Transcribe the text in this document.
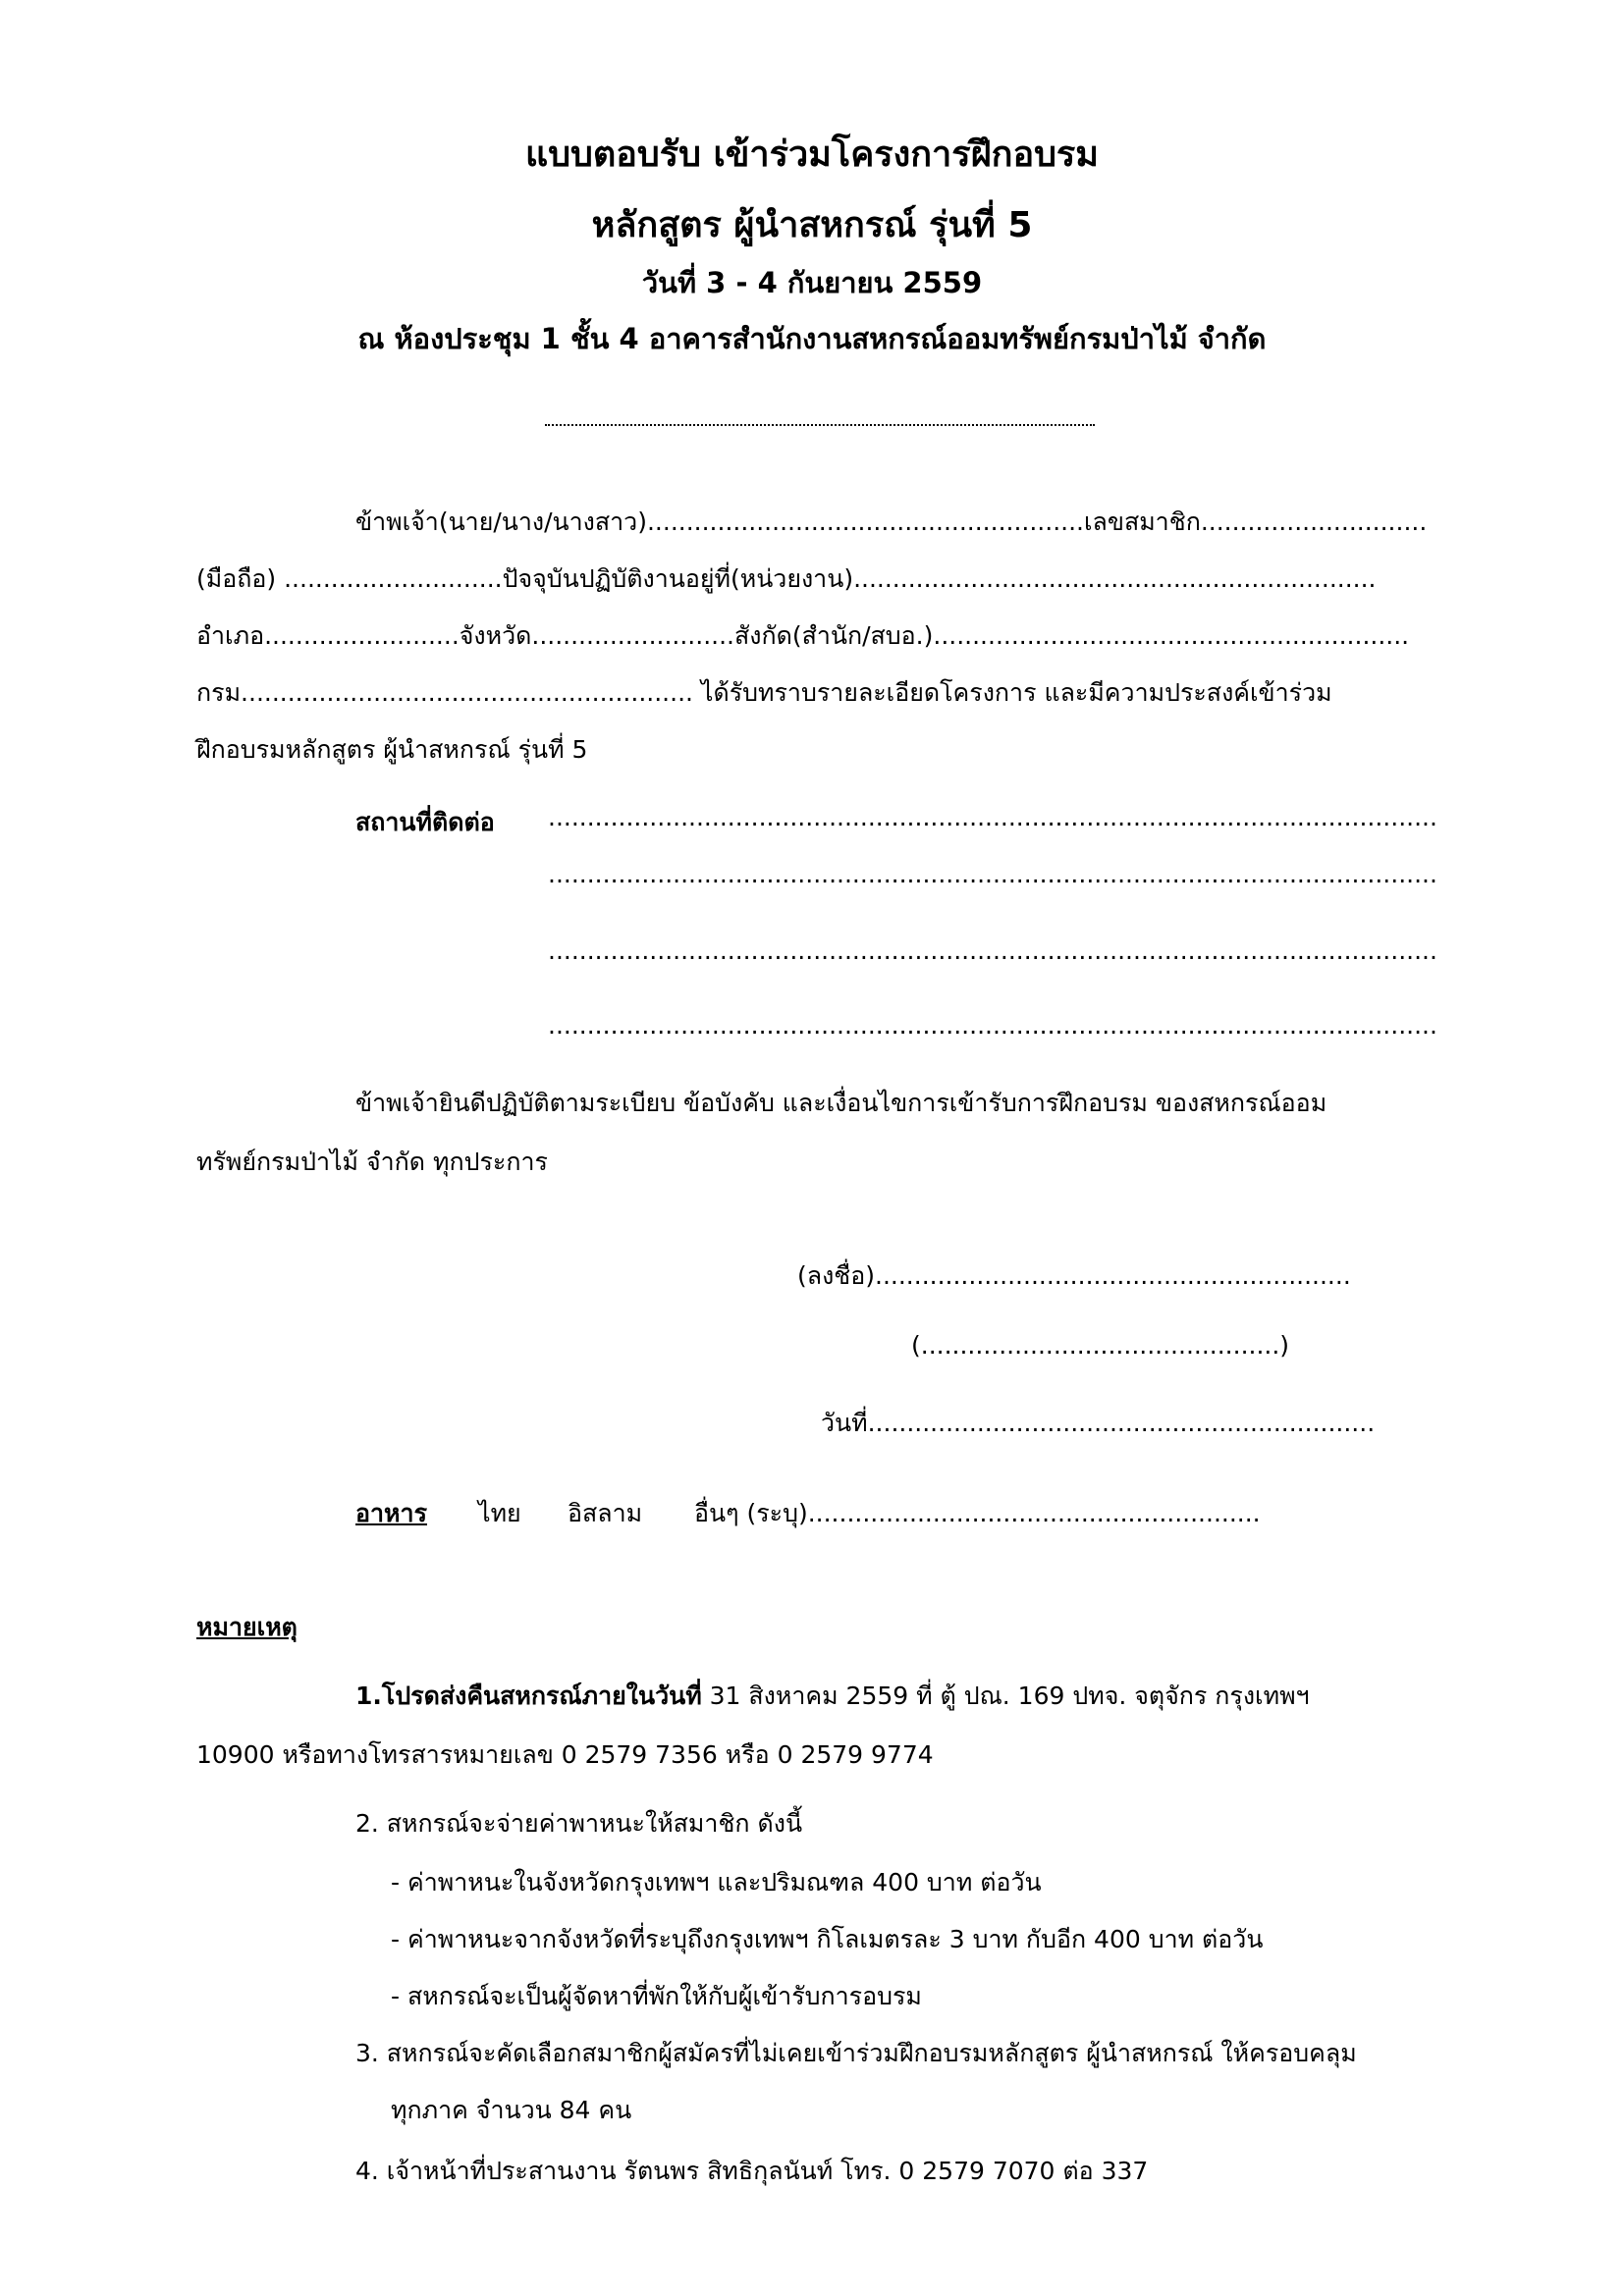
แบบตอบรับ เข้าร่วมโครงการฝึกอบรม
หลักสูตร ผู้นำสหกรณ์ รุ่นที่ 5
วันที่ 3 - 4 กันยายน 2559
ณ ห้องประชุม 1 ชั้น 4 อาคารสำนักงานสหกรณ์ออมทรัพย์กรมป่าไม้ จำกัด
ข้าพเจ้า(นาย/นาง/นางสาว)........................................................เลขสมาชิก.............................
(มือถือ) ............................ปัจจุบันปฏิบัติงานอยู่ที่(หน่วยงาน)...................................................................
อำเภอ.........................จังหวัด..........................สังกัด(สำนัก/สบอ.).............................................................
กรม.......................................................... ได้รับทราบรายละเอียดโครงการ และมีความประสงค์เข้าร่วม
ฝึกอบรมหลักสูตร ผู้นำสหกรณ์ รุ่นที่ 5
สถานที่ติดต่อ ..................................................................................................................
..................................................................................................................
..................................................................................................................
..................................................................................................................
ข้าพเจ้ายินดีปฏิบัติตามระเบียบ ข้อบังคับ และเงื่อนไขการเข้ารับการฝึกอบรม ของสหกรณ์ออม
ทรัพย์กรมป่าไม้ จำกัด ทุกประการ
(ลงชื่อ).............................................................
(..............................................)
วันที่.................................................................
อาหาร ไทย อิสลาม อื่นๆ (ระบุ)..........................................................
หมายเหตุ
1.โปรดส่งคืนสหกรณ์ภายในวันที่ 31 สิงหาคม 2559 ที่ ตู้ ปณ. 169 ปทจ. จตุจักร กรุงเทพฯ
10900 หรือทางโทรสารหมายเลข 0 2579 7356 หรือ 0 2579 9774
2. สหกรณ์จะจ่ายค่าพาหนะให้สมาชิก ดังนี้
- ค่าพาหนะในจังหวัดกรุงเทพฯ และปริมณฑล 400 บาท ต่อวัน
- ค่าพาหนะจากจังหวัดที่ระบุถึงกรุงเทพฯ กิโลเมตรละ 3 บาท กับอีก 400 บาท ต่อวัน
- สหกรณ์จะเป็นผู้จัดหาที่พักให้กับผู้เข้ารับการอบรม
3. สหกรณ์จะคัดเลือกสมาชิกผู้สมัครที่ไม่เคยเข้าร่วมฝึกอบรมหลักสูตร ผู้นำสหกรณ์ ให้ครอบคลุม
ทุกภาค จำนวน 84 คน
4. เจ้าหน้าที่ประสานงาน รัตนพร สิทธิกุลนันท์ โทร. 0 2579 7070 ต่อ 337
